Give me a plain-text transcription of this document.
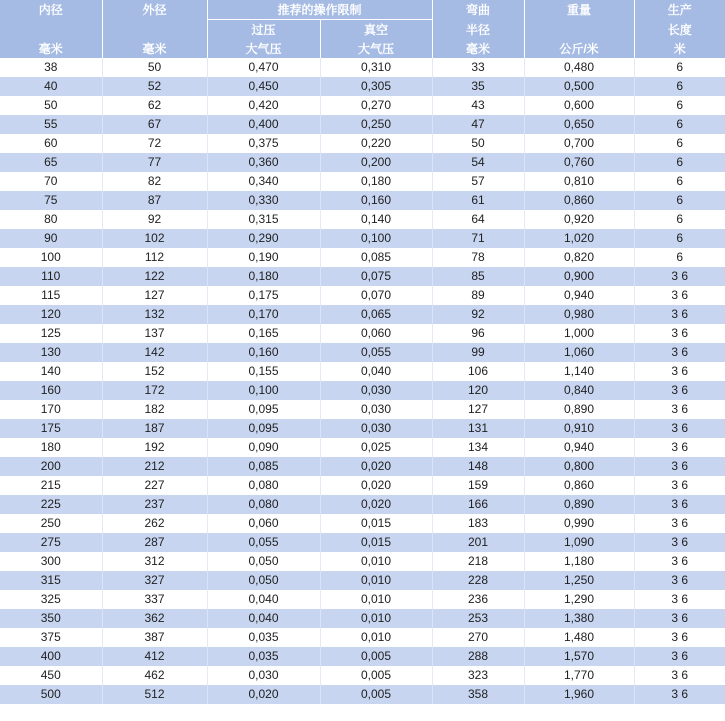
内径	外径	推荐的操作限制		弯曲	重量	生产
		过压	真空	半径		长度
毫米	毫米	大气压	大气压	毫米	公斤/米	米
38	50	0,470	0,310	33	0,480	6
40	52	0,450	0,305	35	0,500	6
50	62	0,420	0,270	43	0,600	6
55	67	0,400	0,250	47	0,650	6
60	72	0,375	0,220	50	0,700	6
65	77	0,360	0,200	54	0,760	6
70	82	0,340	0,180	57	0,810	6
75	87	0,330	0,160	61	0,860	6
80	92	0,315	0,140	64	0,920	6
90	102	0,290	0,100	71	1,020	6
100	112	0,190	0,085	78	0,820	6
110	122	0,180	0,075	85	0,900	3 6
115	127	0,175	0,070	89	0,940	3 6
120	132	0,170	0,065	92	0,980	3 6
125	137	0,165	0,060	96	1,000	3 6
130	142	0,160	0,055	99	1,060	3 6
140	152	0,155	0,040	106	1,140	3 6
160	172	0,100	0,030	120	0,840	3 6
170	182	0,095	0,030	127	0,890	3 6
175	187	0,095	0,030	131	0,910	3 6
180	192	0,090	0,025	134	0,940	3 6
200	212	0,085	0,020	148	0,800	3 6
215	227	0,080	0,020	159	0,860	3 6
225	237	0,080	0,020	166	0,890	3 6
250	262	0,060	0,015	183	0,990	3 6
275	287	0,055	0,015	201	1,090	3 6
300	312	0,050	0,010	218	1,180	3 6
315	327	0,050	0,010	228	1,250	3 6
325	337	0,040	0,010	236	1,290	3 6
350	362	0,040	0,010	253	1,380	3 6
375	387	0,035	0,010	270	1,480	3 6
400	412	0,035	0,005	288	1,570	3 6
450	462	0,030	0,005	323	1,770	3 6
500	512	0,020	0,005	358	1,960	3 6
